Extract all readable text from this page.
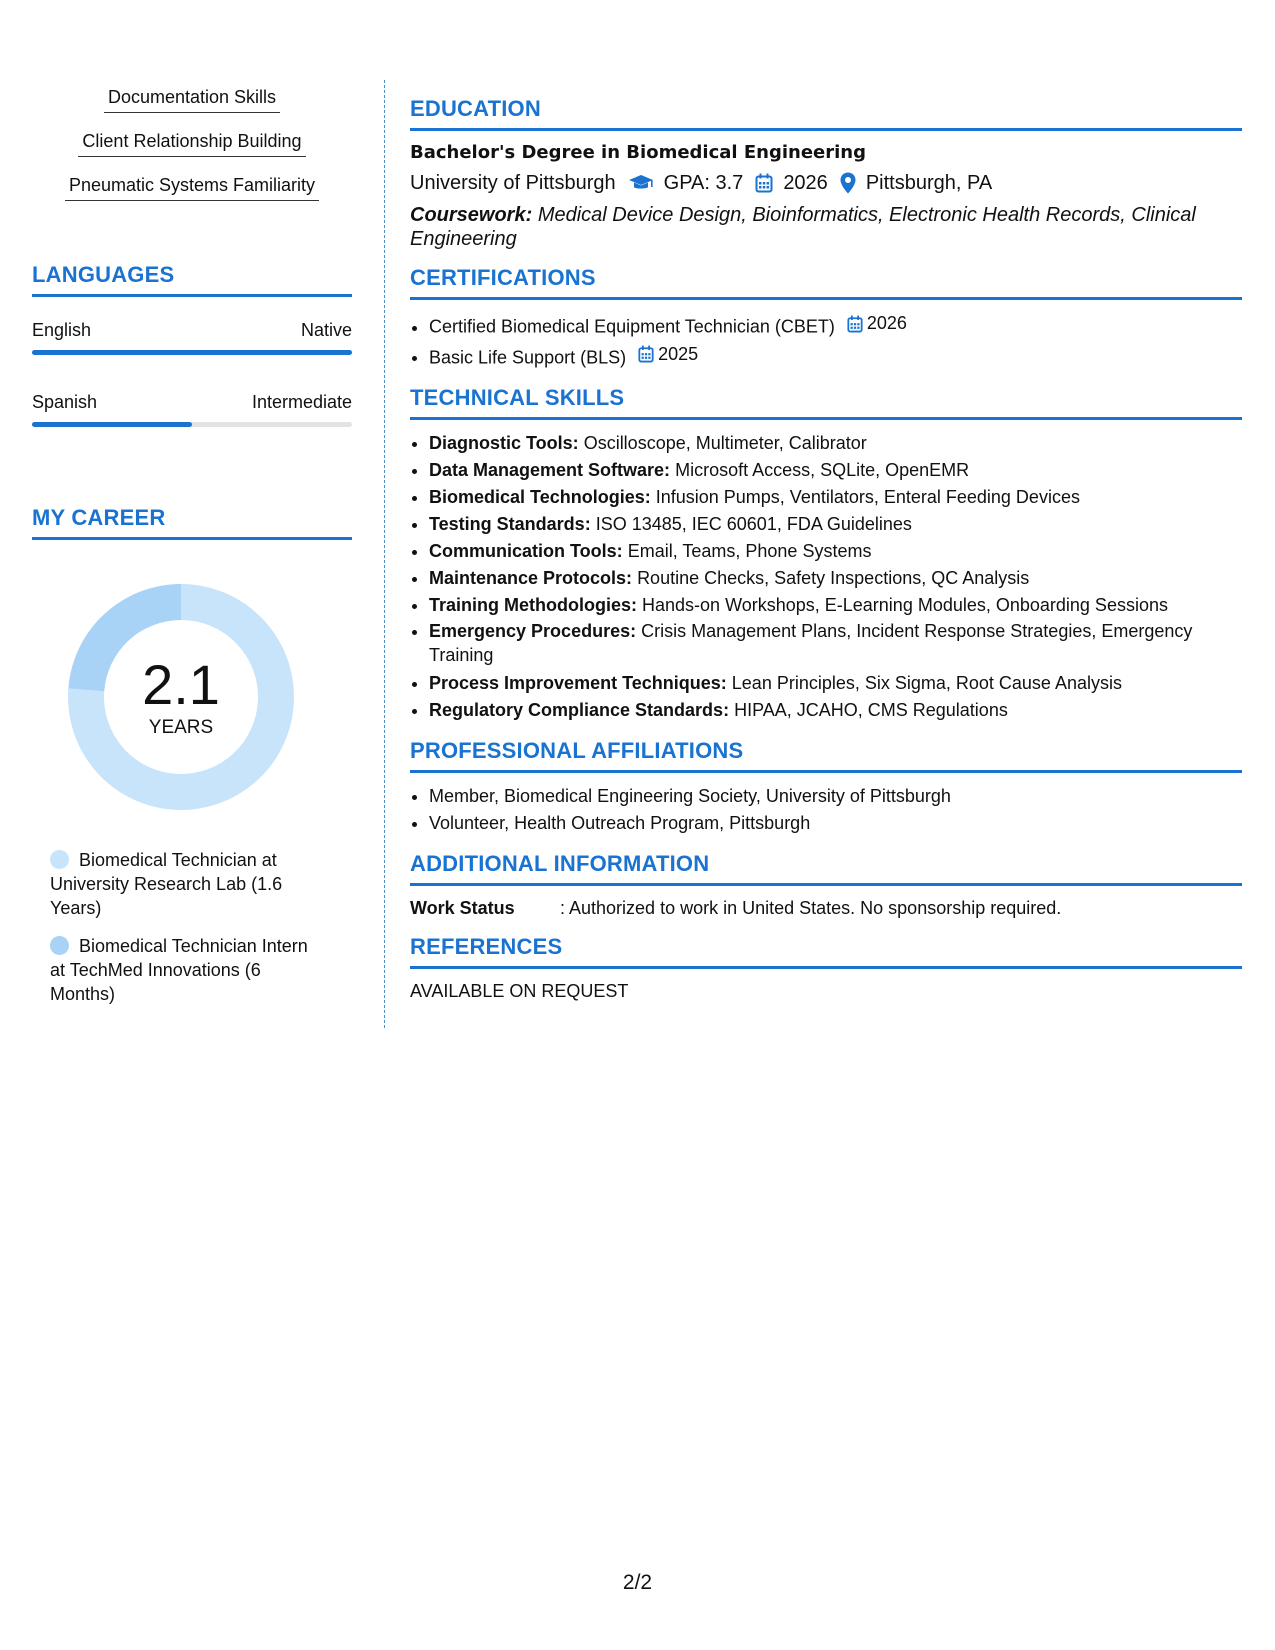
Documentation Skills
Client Relationship Building
Pneumatic Systems Familiarity
LANGUAGES
English	Native
Spanish	Intermediate
MY CAREER
2.1
YEARS
Biomedical Technician at University Research Lab (1.6 Years)
Biomedical Technician Intern at TechMed Innovations (6 Months)
EDUCATION
Bachelor's Degree in Biomedical Engineering
University of Pittsburgh GPA: 3.7 2026 Pittsburgh, PA
Coursework: Medical Device Design, Bioinformatics, Electronic Health Records, Clinical Engineering
CERTIFICATIONS
• Certified Biomedical Equipment Technician (CBET) 2026
• Basic Life Support (BLS) 2025
TECHNICAL SKILLS
• Diagnostic Tools: Oscilloscope, Multimeter, Calibrator
• Data Management Software: Microsoft Access, SQLite, OpenEMR
• Biomedical Technologies: Infusion Pumps, Ventilators, Enteral Feeding Devices
• Testing Standards: ISO 13485, IEC 60601, FDA Guidelines
• Communication Tools: Email, Teams, Phone Systems
• Maintenance Protocols: Routine Checks, Safety Inspections, QC Analysis
• Training Methodologies: Hands-on Workshops, E-Learning Modules, Onboarding Sessions
• Emergency Procedures: Crisis Management Plans, Incident Response Strategies, Emergency Training
• Process Improvement Techniques: Lean Principles, Six Sigma, Root Cause Analysis
• Regulatory Compliance Standards: HIPAA, JCAHO, CMS Regulations
PROFESSIONAL AFFILIATIONS
• Member, Biomedical Engineering Society, University of Pittsburgh
• Volunteer, Health Outreach Program, Pittsburgh
ADDITIONAL INFORMATION
Work Status	: Authorized to work in United States. No sponsorship required.
REFERENCES
AVAILABLE ON REQUEST
2/2
